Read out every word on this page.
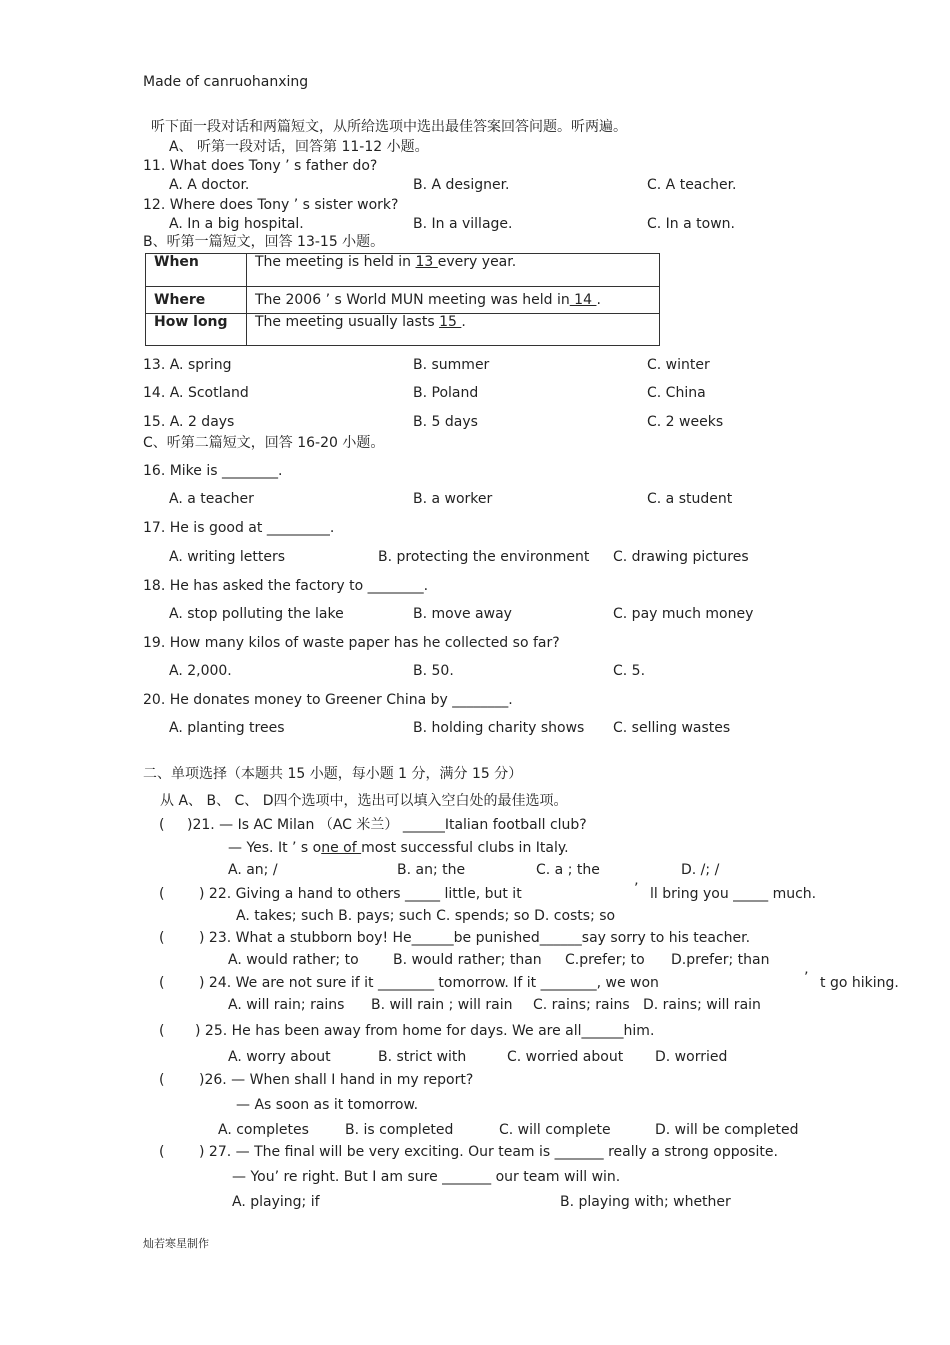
Made of canruohanxing
听下面一段对话和两篇短文，从所给选项中选出最佳答案回答问题。听两遍。
A、 听第一段对话，回答第 11-12 小题。
11. What does Tony ’ s father do?
A. A doctor.	B. A designer.	C. A teacher.
12. Where does Tony ’ s sister work?
A. In a big hospital.	B. In a village.	C. In a town.
B、听第一篇短文，回答 13-15 小题。
When	The meeting is held in 13 every year.
Where	The 2006 ’ s World MUN meeting was held in 14 .
How long	The meeting usually lasts 15 .
13. A. spring	B. summer	C. winter
14. A. Scotland	B. Poland	C. China
15. A. 2 days	B. 5 days	C. 2 weeks
C、听第二篇短文，回答 16-20 小题。
16. Mike is ________.
A. a teacher	B. a worker	C. a student
17. He is good at _________.
A. writing letters	B. protecting the environment C. drawing pictures
18. He has asked the factory to ________.
A. stop polluting the lake	B. move away	C. pay much money
19. How many kilos of waste paper has he collected so far?
A. 2,000.	B. 50.	C. 5.
20. He donates money to Greener China by ________.
A. planting trees	B. holding charity shows C. selling wastes
二、单项选择（本题共 15 小题，每小题 1 分，满分 15 分）
从 A、 B、 C、 D四个选项中，选出可以填入空白处的最佳选项。
( )21. — Is AC Milan （AC 米兰） ______Italian football club?
— Yes. It ’ s one of most successful clubs in Italy.
A. an; /	B. an; the	C. a ; the	D. /; /
( ) 22. Giving a hand to others _____ little, but it	’ ll bring you _____ much.
A. takes; such B. pays; such C. spends; so D. costs; so
( ) 23. What a stubborn boy! He______be punished______say sorry to his teacher.
A. would rather; to B. would rather; than C.prefer; to D.prefer; than
( ) 24. We are not sure if it ________ tomorrow. If it ________, we won	’ t go hiking.
A. will rain; rains B. will rain ; will rain C. rains; rains D. rains; will rain
( ) 25. He has been away from home for days. We are all______him.
A. worry about	B. strict with	C. worried about D. worried
( )26. — When shall I hand in my report?
— As soon as it tomorrow.
A. completes	B. is completed	C. will complete	D. will be completed
( ) 27. — The final will be very exciting. Our team is _______ really a strong opposite.
— You’ re right. But I am sure _______ our team will win.
A. playing; if	B. playing with; whether
灿若寒星制作
